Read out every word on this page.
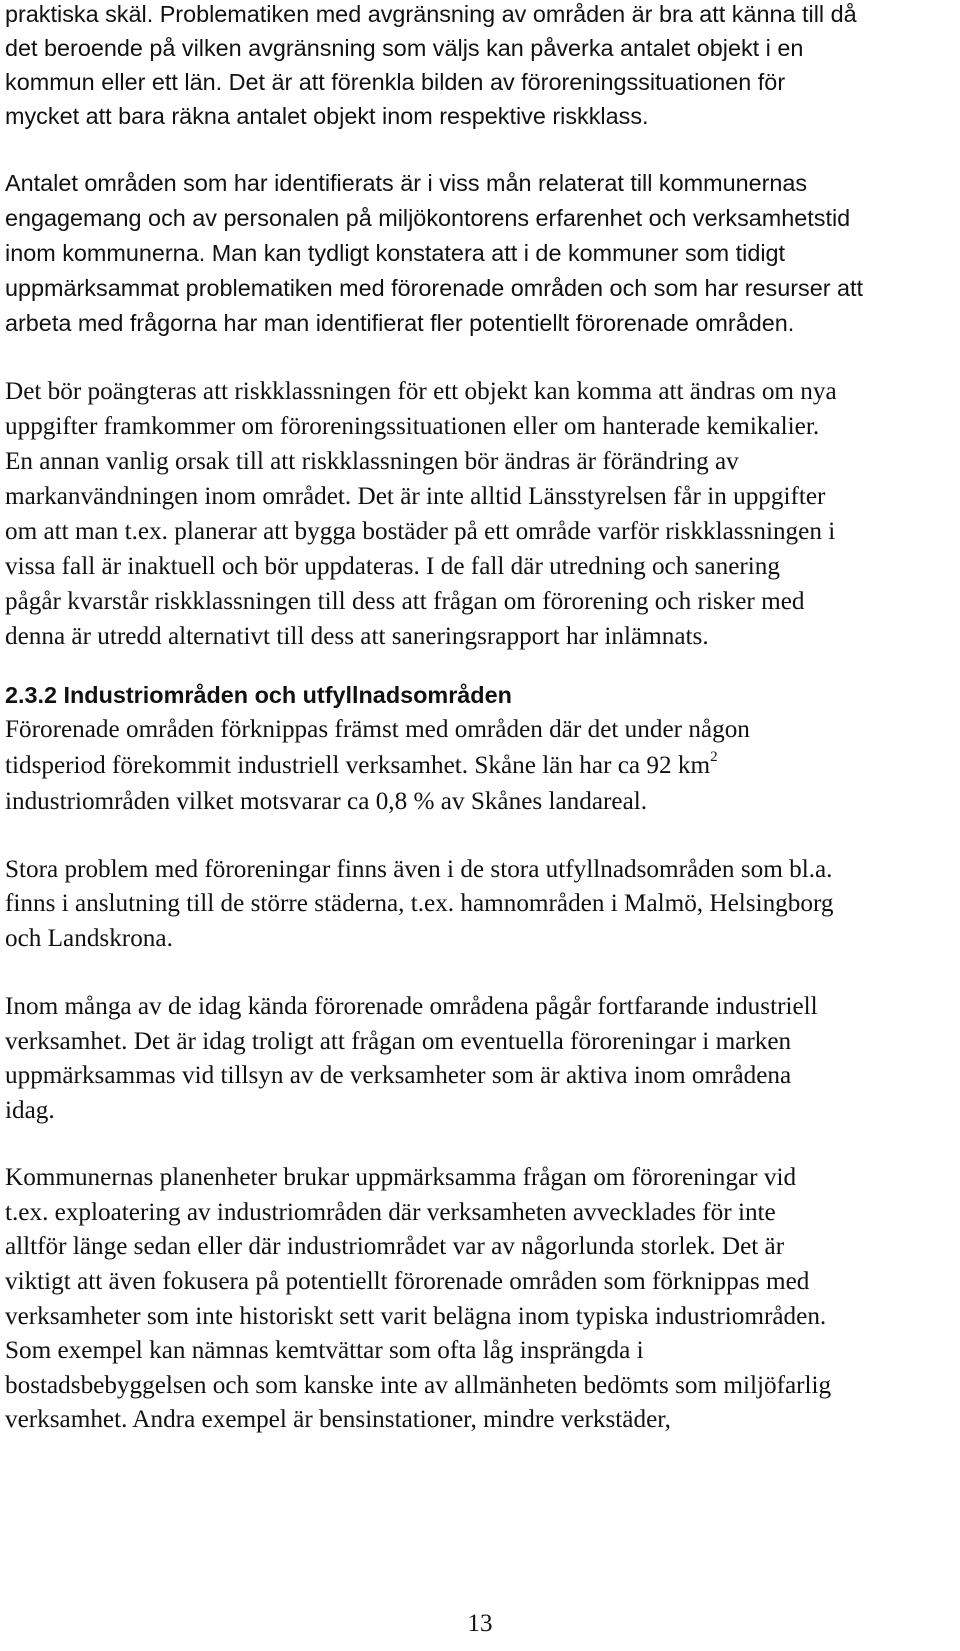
praktiska skäl. Problematiken med avgränsning av områden är bra att känna till då
det beroende på vilken avgränsning som väljs kan påverka antalet objekt i en
kommun eller ett län. Det är att förenkla bilden av föroreningssituationen för
mycket att bara räkna antalet objekt inom respektive riskklass.
Antalet områden som har identifierats är i viss mån relaterat till kommunernas
engagemang och av personalen på miljökontorens erfarenhet och verksamhetstid
inom kommunerna. Man kan tydligt konstatera att i de kommuner som tidigt
uppmärksammat problematiken med förorenade områden och som har resurser att
arbeta med frågorna har man identifierat fler potentiellt förorenade områden.
Det bör poängteras att riskklassningen för ett objekt kan komma att ändras om nya
uppgifter framkommer om föroreningssituationen eller om hanterade kemikalier.
En annan vanlig orsak till att riskklassningen bör ändras är förändring av
markanvändningen inom området. Det är inte alltid Länsstyrelsen får in uppgifter
om att man t.ex. planerar att bygga bostäder på ett område varför riskklassningen i
vissa fall är inaktuell och bör uppdateras. I de fall där utredning och sanering
pågår kvarstår riskklassningen till dess att frågan om förorening och risker med
denna är utredd alternativt till dess att saneringsrapport har inlämnats.
2.3.2 Industriområden och utfyllnadsområden
Förorenade områden förknippas främst med områden där det under någon
tidsperiod förekommit industriell verksamhet. Skåne län har ca 92 $km^2$
industriområden vilket motsvarar ca 0,8 % av Skånes landareal.
Stora problem med föroreningar finns även i de stora utfyllnadsområden som bl.a.
finns i anslutning till de större städerna, t.ex. hamnområden i Malmö, Helsingborg
och Landskrona.
Inom många av de idag kända förorenade områdena pågår fortfarande industriell
verksamhet. Det är idag troligt att frågan om eventuella föroreningar i marken
uppmärksammas vid tillsyn av de verksamheter som är aktiva inom områdena
idag.
Kommunernas planenheter brukar uppmärksamma frågan om föroreningar vid
t.ex. exploatering av industriområden där verksamheten avvecklades för inte
alltför länge sedan eller där industriområdet var av någorlunda storlek. Det är
viktigt att även fokusera på potentiellt förorenade områden som förknippas med
verksamheter som inte historiskt sett varit belägna inom typiska industriområden.
Som exempel kan nämnas kemtvättar som ofta låg insprängda i
bostadsbebyggelsen och som kanske inte av allmänheten bedömts som miljöfarlig
verksamhet. Andra exempel är bensinstationer, mindre verkstäder,
13
